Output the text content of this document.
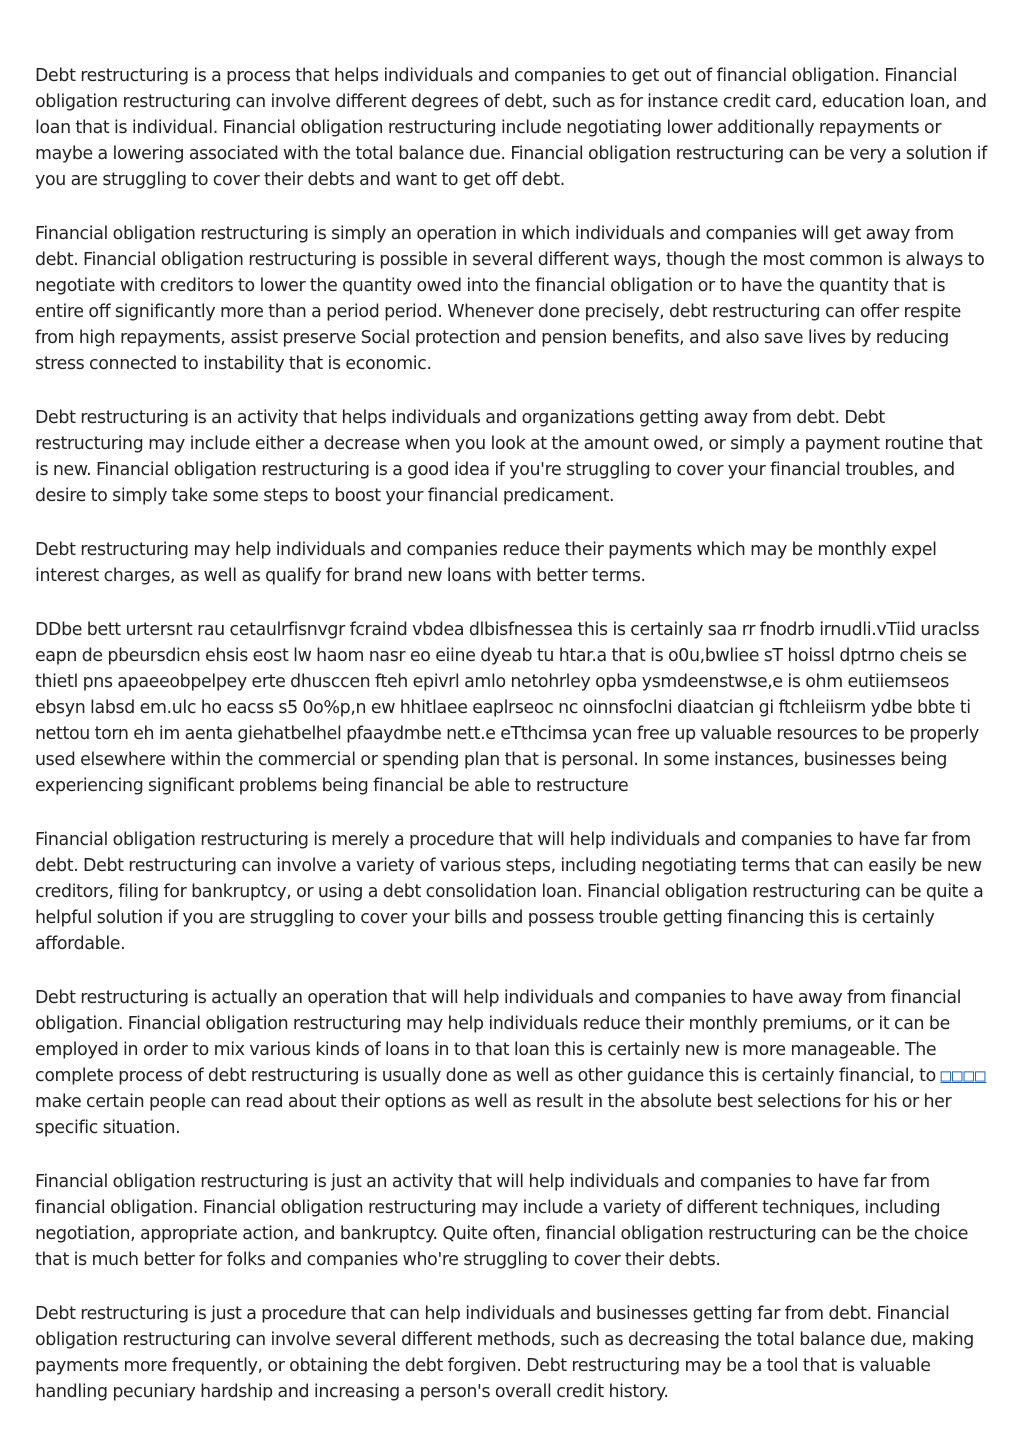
Debt restructuring is a process that helps individuals and companies to get out of financial obligation. Financial obligation restructuring can involve different degrees of debt, such as for instance credit card, education loan, and loan that is individual. Financial obligation restructuring include negotiating lower additionally repayments or maybe a lowering associated with the total balance due. Financial obligation restructuring can be very a solution if you are struggling to cover their debts and want to get off debt.

Financial obligation restructuring is simply an operation in which individuals and companies will get away from debt. Financial obligation restructuring is possible in several different ways, though the most common is always to negotiate with creditors to lower the quantity owed into the financial obligation or to have the quantity that is entire off significantly more than a period period. Whenever done precisely, debt restructuring can offer respite from high repayments, assist preserve Social protection and pension benefits, and also save lives by reducing stress connected to instability that is economic.

Debt restructuring is an activity that helps individuals and organizations getting away from debt. Debt restructuring may include either a decrease when you look at the amount owed, or simply a payment routine that is new. Financial obligation restructuring is a good idea if you're struggling to cover your financial troubles, and desire to simply take some steps to boost your financial predicament.

Debt restructuring may help individuals and companies reduce their payments which may be monthly expel interest charges, as well as qualify for brand new loans with better terms.

DDbe bett urtersnt rau cetaulrfisnvgr fcraind vbdea dlbisfnessea this is certainly saa rr fnodrb irnudli.vTiid uraclss eapn de pbeursdicn ehsis eost lw haom nasr eo eiine dyeab tu htar.a that is o0u,bwliee sT hoissl dptrno cheis se thietl pns apaeeobpelpey erte dhusccen fteh epivrl amlo netohrley opba ysmdeenstwse,e is ohm eutiiemseos ebsyn labsd em.ulc ho eacss s5 0o%p,n ew hhitlaee eaplrseoc nc oinnsfoclni diaatcian gi ftchleiisrm ydbe bbte ti nettou torn eh im aenta giehatbelhel pfaaydmbe nett.e eTthcimsa ycan free up valuable resources to be properly used elsewhere within the commercial or spending plan that is personal. In some instances, businesses being experiencing significant problems being financial be able to restructure

Financial obligation restructuring is merely a procedure that will help individuals and companies to have far from debt. Debt restructuring can involve a variety of various steps, including negotiating terms that can easily be new creditors, filing for bankruptcy, or using a debt consolidation loan. Financial obligation restructuring can be quite a helpful solution if you are struggling to cover your bills and possess trouble getting financing this is certainly affordable.

Debt restructuring is actually an operation that will help individuals and companies to have away from financial obligation. Financial obligation restructuring may help individuals reduce their monthly premiums, or it can be employed in order to mix various kinds of loans in to that loan this is certainly new is more manageable. The complete process of debt restructuring is usually done as well as other guidance this is certainly financial, to □□□□ make certain people can read about their options as well as result in the absolute best selections for his or her specific situation.

Financial obligation restructuring is just an activity that will help individuals and companies to have far from financial obligation. Financial obligation restructuring may include a variety of different techniques, including negotiation, appropriate action, and bankruptcy. Quite often, financial obligation restructuring can be the choice that is much better for folks and companies who're struggling to cover their debts.

Debt restructuring is just a procedure that can help individuals and businesses getting far from debt. Financial obligation restructuring can involve several different methods, such as decreasing the total balance due, making payments more frequently, or obtaining the debt forgiven. Debt restructuring may be a tool that is valuable handling pecuniary hardship and increasing a person's overall credit history.
